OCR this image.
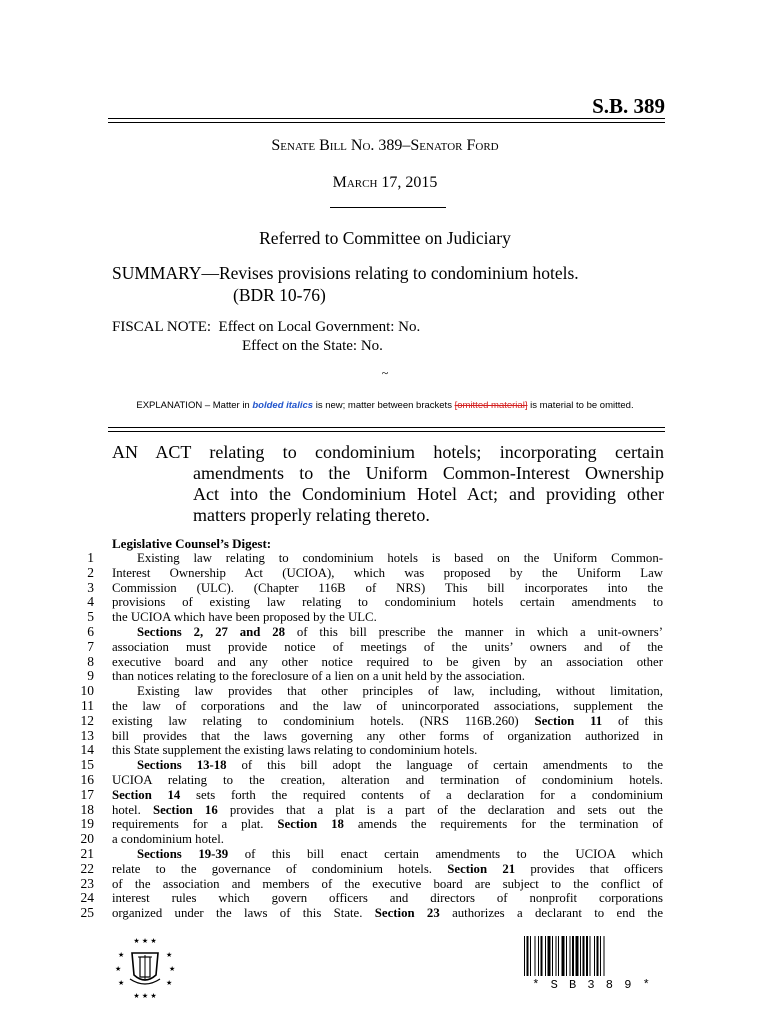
S.B. 389
Senate Bill No. 389–Senator Ford
March 17, 2015
Referred to Committee on Judiciary
SUMMARY—Revises provisions relating to condominium hotels.
(BDR 10-76)
FISCAL NOTE:  Effect on Local Government: No.
Effect on the State: No.
~
EXPLANATION – Matter in bolded italics is new; matter between brackets [omitted material] is material to be omitted.
AN ACT relating to condominium hotels; incorporating certain
amendments to the Uniform Common-Interest Ownership
Act into the Condominium Hotel Act; and providing other
matters properly relating thereto.
Legislative Counsel’s Digest:
1
2
3
4
5
6
7
8
9
10
11
12
13
14
15
16
17
18
19
20
21
22
23
24
25
Existing law relating to condominium hotels is based on the Uniform Common-
Interest Ownership Act (UCIOA), which was proposed by the Uniform Law
Commission (ULC). (Chapter 116B of NRS) This bill incorporates into the
provisions of existing law relating to condominium hotels certain amendments to
the UCIOA which have been proposed by the ULC.
Sections 2, 27 and 28 of this bill prescribe the manner in which a unit-owners’
association must provide notice of meetings of the units’ owners and of the
executive board and any other notice required to be given by an association other
than notices relating to the foreclosure of a lien on a unit held by the association.
Existing law provides that other principles of law, including, without limitation,
the law of corporations and the law of unincorporated associations, supplement the
existing law relating to condominium hotels. (NRS 116B.260) Section 11 of this
bill provides that the laws governing any other forms of organization authorized in
this State supplement the existing laws relating to condominium hotels.
Sections 13-18 of this bill adopt the language of certain amendments to the
UCIOA relating to the creation, alteration and termination of condominium hotels.
Section 14 sets forth the required contents of a declaration for a condominium
hotel. Section 16 provides that a plat is a part of the declaration and sets out the
requirements for a plat. Section 18 amends the requirements for the termination of
a condominium hotel.
Sections 19-39 of this bill enact certain amendments to the UCIOA which
relate to the governance of condominium hotels. Section 21 provides that officers
of the association and members of the executive board are subject to the conflict of
interest rules which govern officers and directors of nonprofit corporations
organized under the laws of this State. Section 23 authorizes a declarant to end the
★ ★ ★
★	★
★	★
★	★
★ ★ ★
* S B 3 8 9 *
